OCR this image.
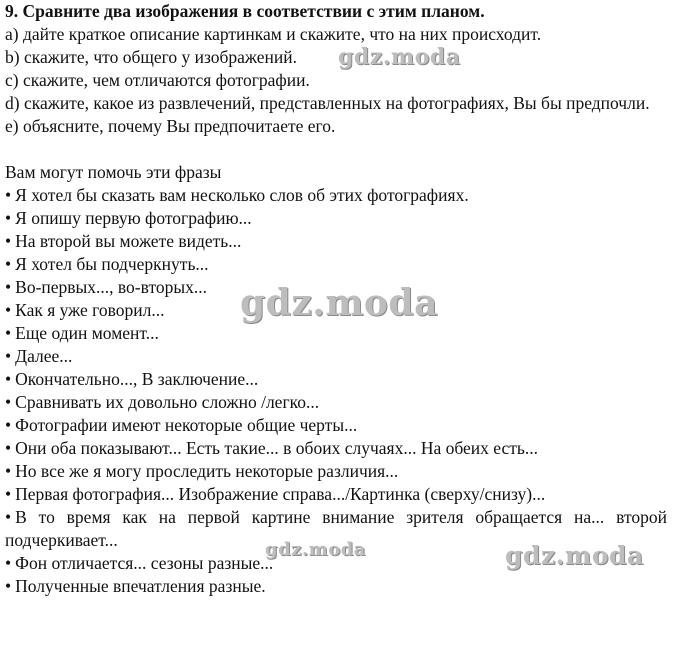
9. Сравните два изображения в соответствии с этим планом.
a) дайте краткое описание картинкам и скажите, что на них происходит.
b) скажите, что общего у изображений.
c) скажите, чем отличаются фотографии.
d) скажите, какое из развлечений, представленных на фотографиях, Вы бы предпочли.
e) объясните, почему Вы предпочитаете его.
Вам могут помочь эти фразы
• Я хотел бы сказать вам несколько слов об этих фотографиях.
• Я опишу первую фотографию...
• На второй вы можете видеть...
• Я хотел бы подчеркнуть...
• Во-первых..., во-вторых...
• Как я уже говорил...
• Еще один момент...
• Далее...
• Окончательно..., В заключение...
• Сравнивать их довольно сложно /легко...
• Фотографии имеют некоторые общие черты...
• Они оба показывают... Есть такие... в обоих случаях... На обеих есть...
• Но все же я могу проследить некоторые различия...
• Первая фотография... Изображение справа.../Картинка (сверху/снизу)...
• В то время как на первой картине внимание зрителя обращается на... второй подчеркивает...
• Фон отличается... сезоны разные...
• Полученные впечатления разные.
gdz.moda
gdz.moda
gdz.moda	gdz.moda
